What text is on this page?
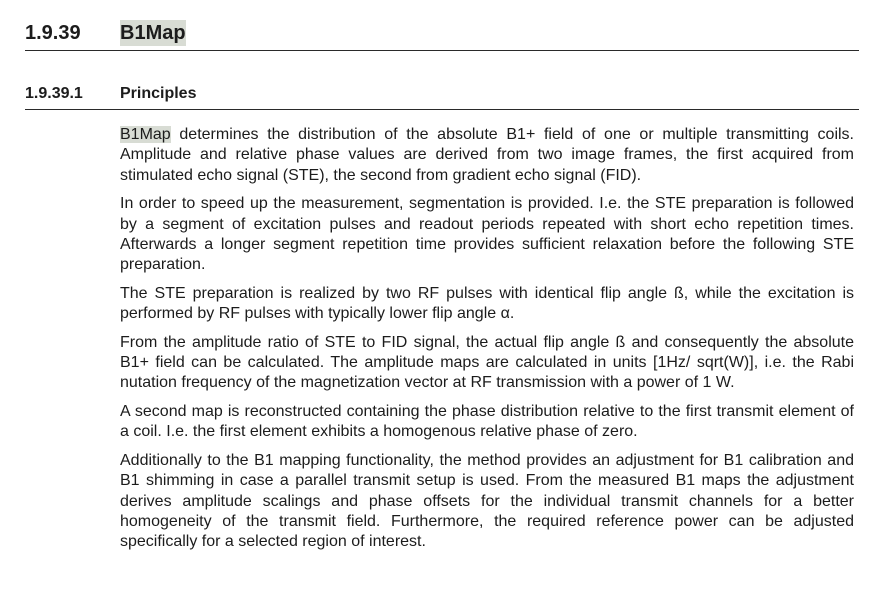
1.9.39 B1Map
1.9.39.1 Principles

B1Map determines the distribution of the absolute B1+ field of one or multiple transmitting coils. Amplitude and relative phase values are derived from two image frames, the first acquired from stimulated echo signal (STE), the second from gradient echo signal (FID).

In order to speed up the measurement, segmentation is provided. I.e. the STE preparation is followed by a segment of excitation pulses and readout periods repeated with short echo repetition times. Afterwards a longer segment repetition time provides sufficient relaxation before the following STE preparation.

The STE preparation is realized by two RF pulses with identical flip angle ß, while the excitation is performed by RF pulses with typically lower flip angle α.

From the amplitude ratio of STE to FID signal, the actual flip angle ß and consequently the absolute B1+ field can be calculated. The amplitude maps are calculated in units [1Hz/ sqrt(W)], i.e. the Rabi nutation frequency of the magnetization vector at RF transmission with a power of 1 W.

A second map is reconstructed containing the phase distribution relative to the first transmit element of a coil. I.e. the first element exhibits a homogenous relative phase of zero.

Additionally to the B1 mapping functionality, the method provides an adjustment for B1 calibration and B1 shimming in case a parallel transmit setup is used. From the measured B1 maps the adjustment derives amplitude scalings and phase offsets for the individual transmit channels for a better homogeneity of the transmit field. Furthermore, the required reference power can be adjusted specifically for a selected region of interest.
